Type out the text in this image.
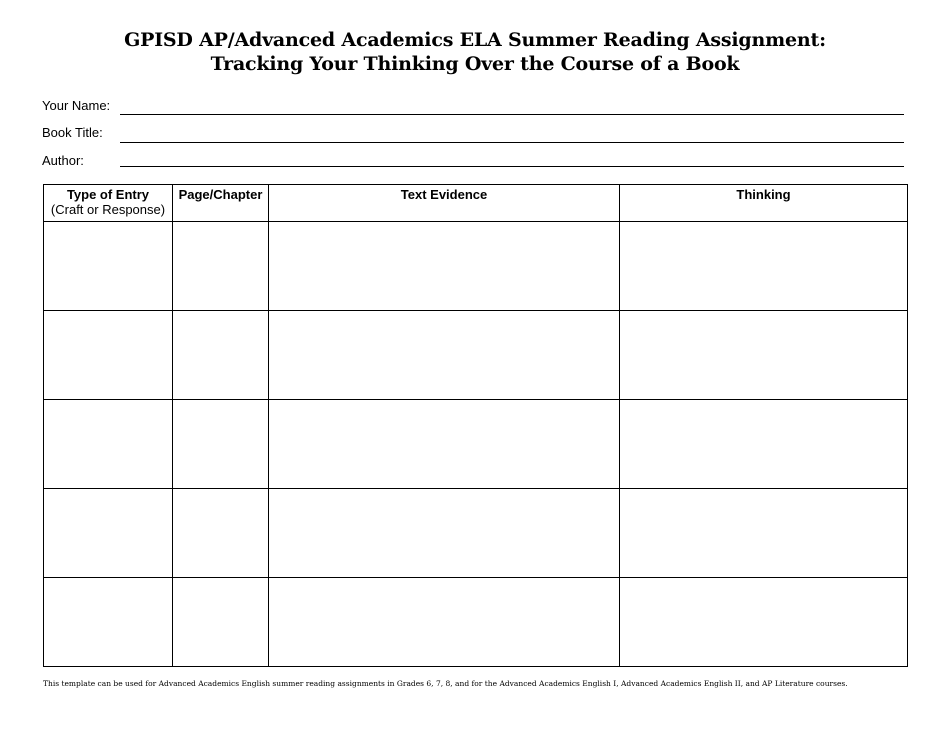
GPISD AP/Advanced Academics ELA Summer Reading Assignment:
Tracking Your Thinking Over the Course of a Book
Your Name:
Book Title:
Author:
Type of Entry
(Craft or Response)	Page/Chapter	Text Evidence	Thinking

This template can be used for Advanced Academics English summer reading assignments in Grades 6, 7, 8, and for the Advanced Academics English I, Advanced Academics English II, and AP Literature courses.
